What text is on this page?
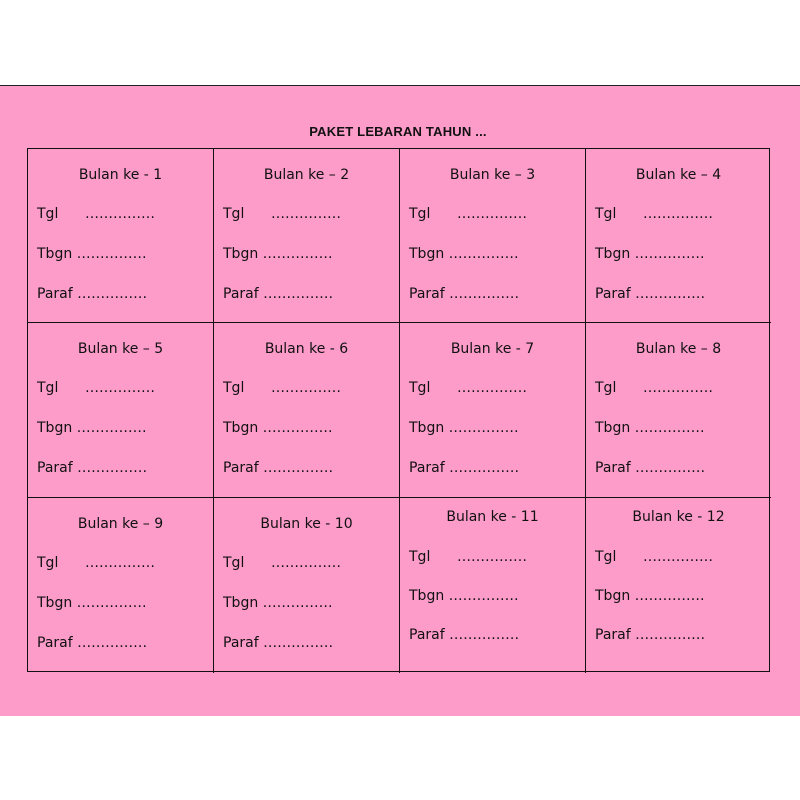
PAKET LEBARAN TAHUN ...
Bulan ke - 1
Tgl      ……………
Tbgn ……………
Paraf ……………
Bulan ke – 2
Tgl      ……………
Tbgn ……………
Paraf ……………
Bulan ke – 3
Tgl      ……………
Tbgn ……………
Paraf ……………
Bulan ke – 4
Tgl      ……………
Tbgn ……………
Paraf ……………
Bulan ke – 5
Tgl      ……………
Tbgn ……………
Paraf ……………
Bulan ke - 6
Tgl      ……………
Tbgn ……………
Paraf ……………
Bulan ke - 7
Tgl      ……………
Tbgn ……………
Paraf ……………
Bulan ke – 8
Tgl      ……………
Tbgn ……………
Paraf ……………
Bulan ke – 9
Tgl      ……………
Tbgn ……………
Paraf ……………
Bulan ke - 10
Tgl      ……………
Tbgn ……………
Paraf ……………
Bulan ke - 11
Tgl      ……………
Tbgn ……………
Paraf ……………
Bulan ke - 12
Tgl      ……………
Tbgn ……………
Paraf ……………
